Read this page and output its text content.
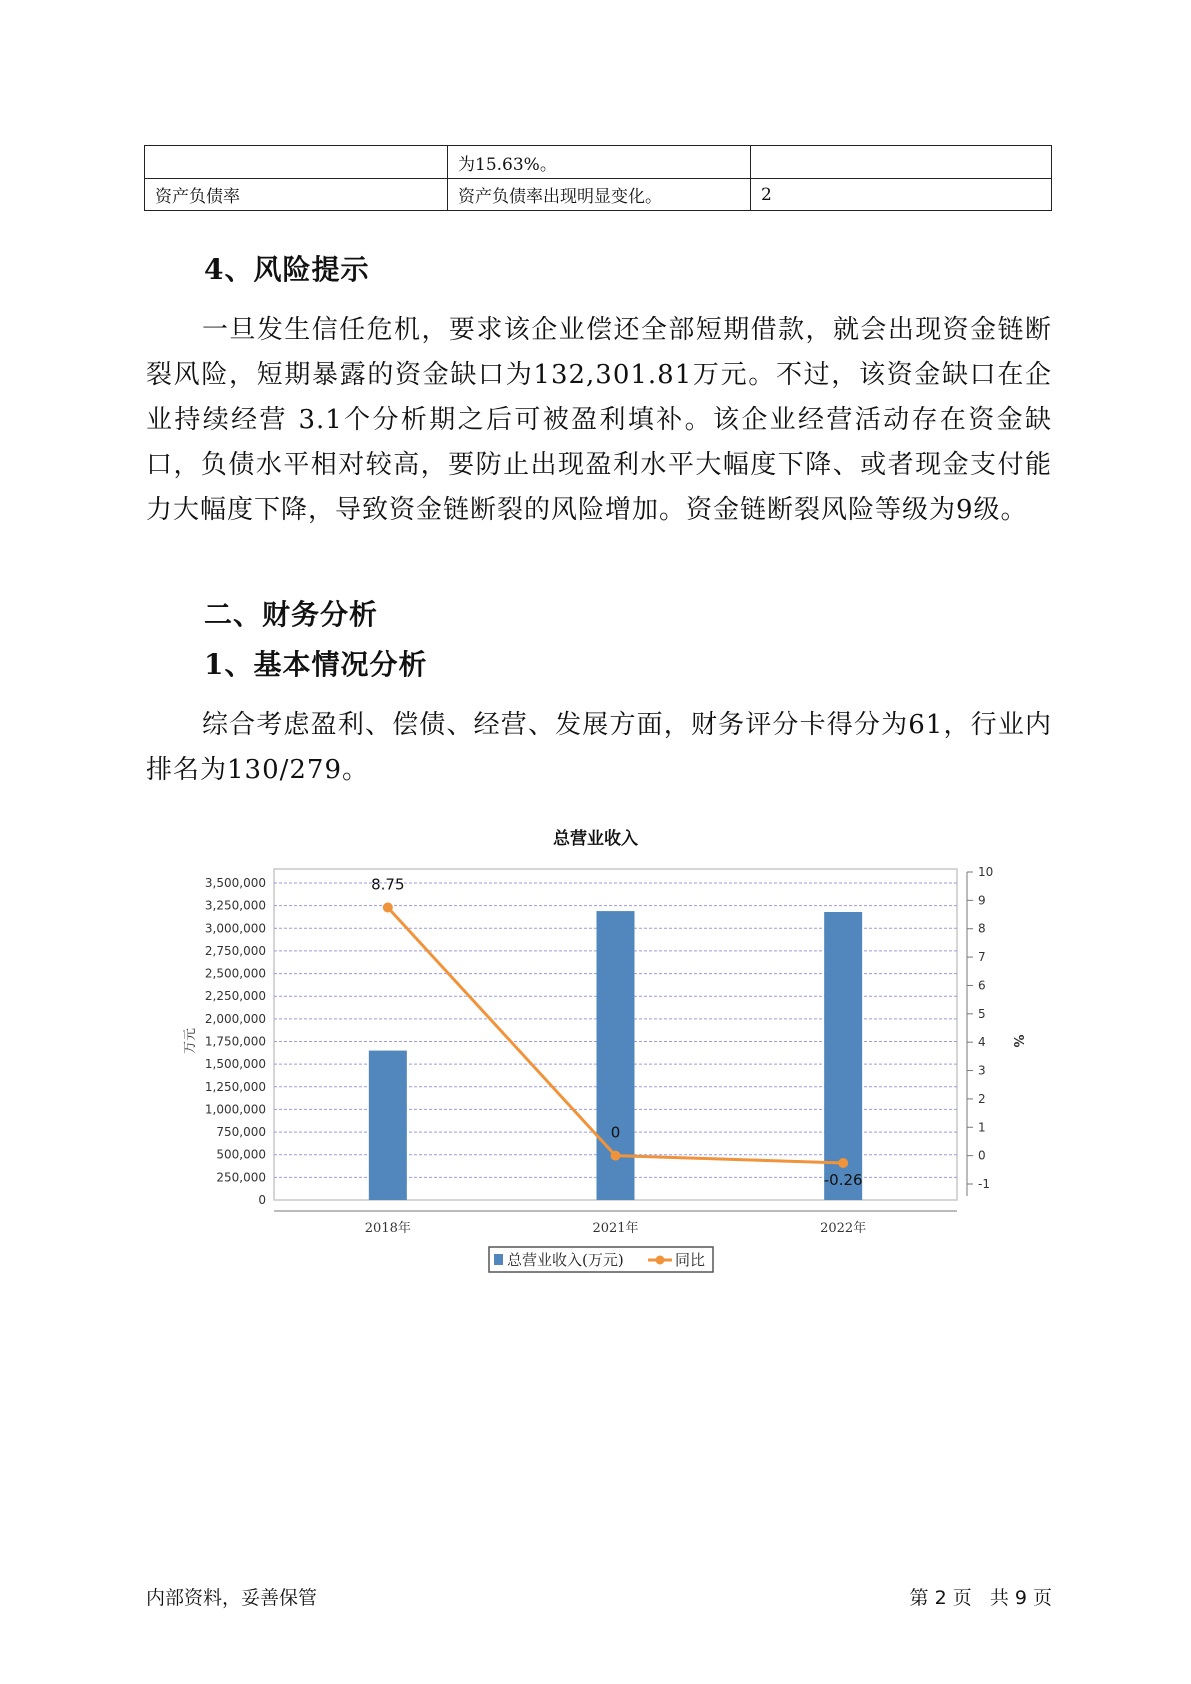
	为15.63%。	
资产负债率	资产负债率出现明显变化。	2
4、风险提示
一旦发生信任危机，要求该企业偿还全部短期借款，就会出现资金链断裂风险，短期暴露的资金缺口为132,301.81万元。不过，该资金缺口在企业持续经营 3.1个分析期之后可被盈利填补。该企业经营活动存在资金缺口，负债水平相对较高，要防止出现盈利水平大幅度下降、或者现金支付能力大幅度下降，导致资金链断裂的风险增加。资金链断裂风险等级为9级。
二、财务分析
1、基本情况分析
综合考虑盈利、偿债、经营、发展方面，财务评分卡得分为61，行业内排名为130/279。
总营业收入
3,500,000
3,250,000
3,000,000
2,750,000
2,500,000
2,250,000
2,000,000
1,750,000
1,500,000
1,250,000
1,000,000
750,000
500,000
250,000
0
10
9
8
7
6
5
4
3
2
1
0
-1
万元	%
2018年	2021年	2022年
8.75
0
-0.26
总营业收入(万元)	同比
内部资料，妥善保管	第 2 页   共 9 页
